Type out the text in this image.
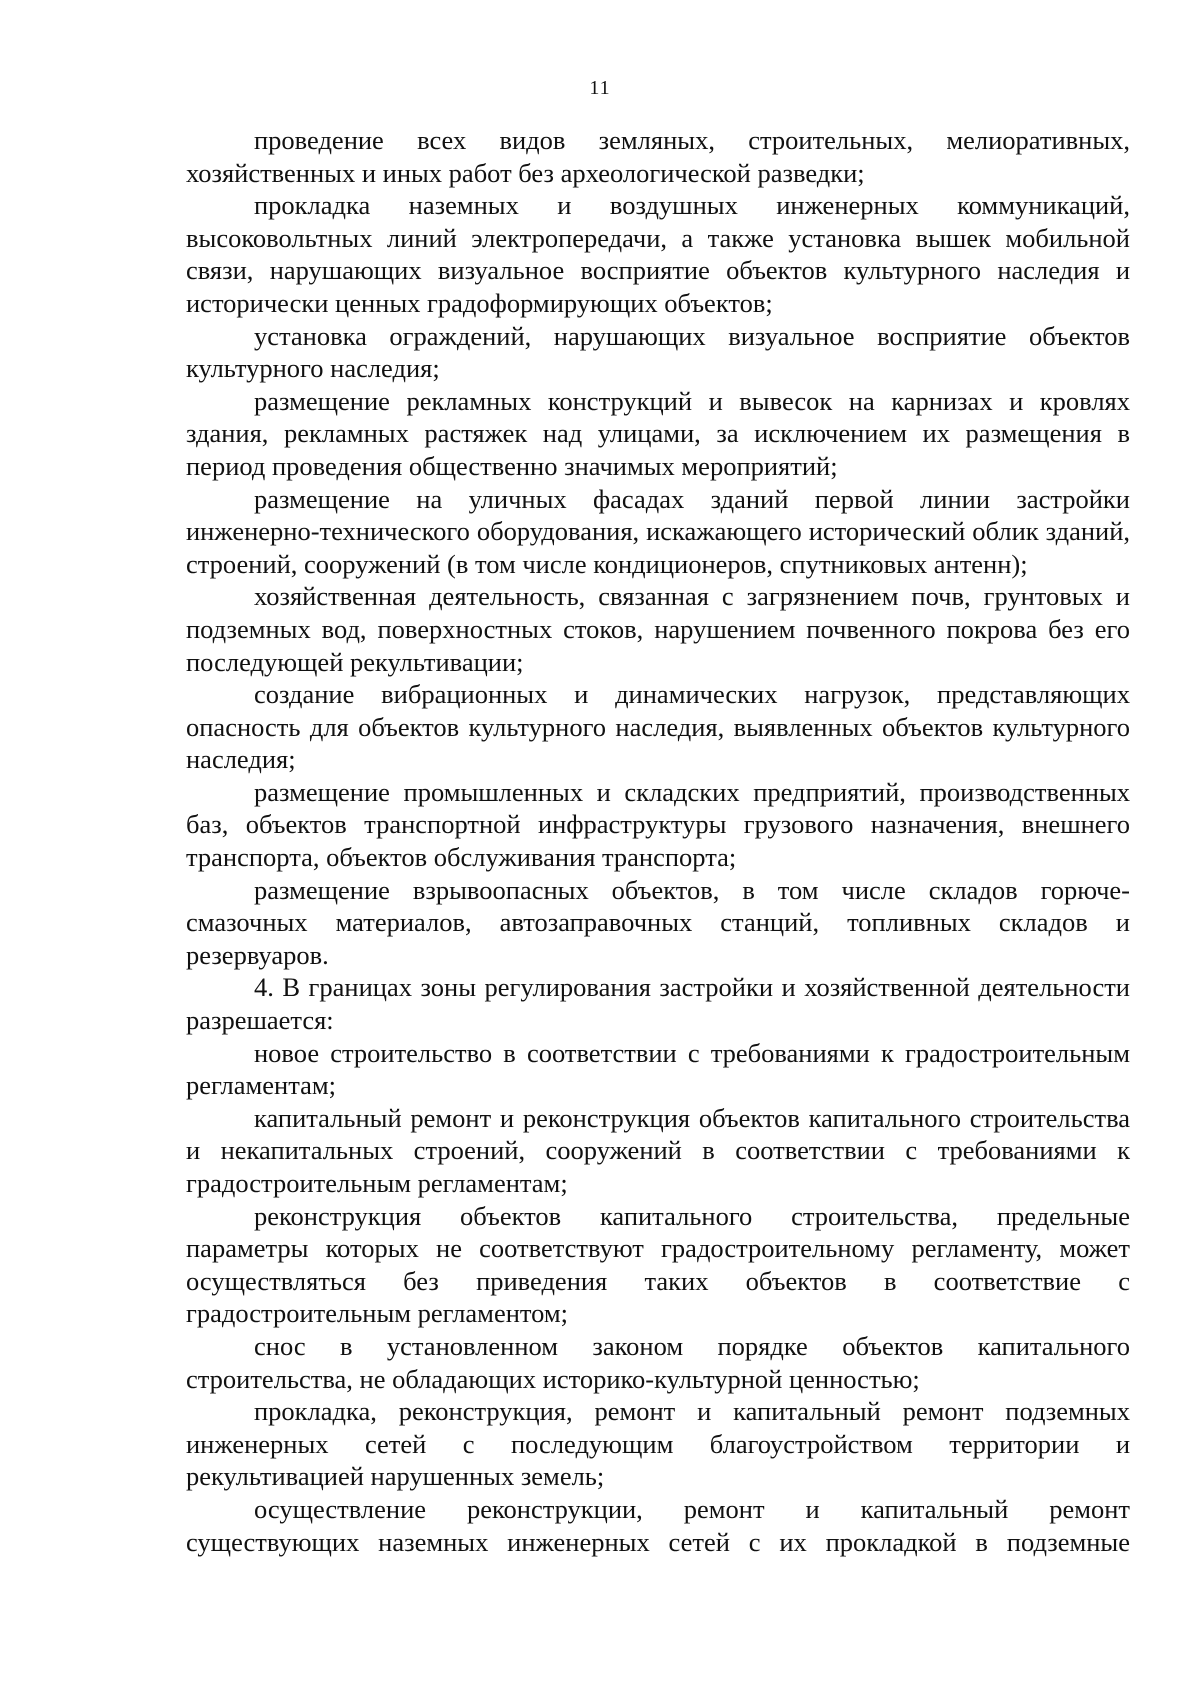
11

проведение всех видов земляных, строительных, мелиоративных, хозяйственных и иных работ без археологической разведки;

прокладка наземных и воздушных инженерных коммуникаций, высоковольтных линий электропередачи, а также установка вышек мобильной связи, нарушающих визуальное восприятие объектов культурного наследия и исторически ценных градоформирующих объектов;

установка ограждений, нарушающих визуальное восприятие объектов культурного наследия;

размещение рекламных конструкций и вывесок на карнизах и кровлях здания, рекламных растяжек над улицами, за исключением их размещения в период проведения общественно значимых мероприятий;

размещение на уличных фасадах зданий первой линии застройки инженерно-технического оборудования, искажающего исторический облик зданий, строений, сооружений (в том числе кондиционеров, спутниковых антенн);

хозяйственная деятельность, связанная с загрязнением почв, грунтовых и подземных вод, поверхностных стоков, нарушением почвенного покрова без его последующей рекультивации;

создание вибрационных и динамических нагрузок, представляющих опасность для объектов культурного наследия, выявленных объектов культурного наследия;

размещение промышленных и складских предприятий, производственных баз, объектов транспортной инфраструктуры грузового назначения, внешнего транспорта, объектов обслуживания транспорта;

размещение взрывоопасных объектов, в том числе складов горюче-смазочных материалов, автозаправочных станций, топливных складов и резервуаров.

4. В границах зоны регулирования застройки и хозяйственной деятельности разрешается:

новое строительство в соответствии с требованиями к градостроительным регламентам;

капитальный ремонт и реконструкция объектов капитального строительства и некапитальных строений, сооружений в соответствии с требованиями к градостроительным регламентам;

реконструкция объектов капитального строительства, предельные параметры которых не соответствуют градостроительному регламенту, может осуществляться без приведения таких объектов в соответствие с градостроительным регламентом;

снос в установленном законом порядке объектов капитального строительства, не обладающих историко-культурной ценностью;

прокладка, реконструкция, ремонт и капитальный ремонт подземных инженерных сетей с последующим благоустройством территории и рекультивацией нарушенных земель;

осуществление реконструкции, ремонт и капитальный ремонт существующих наземных инженерных сетей с их прокладкой в подземные
